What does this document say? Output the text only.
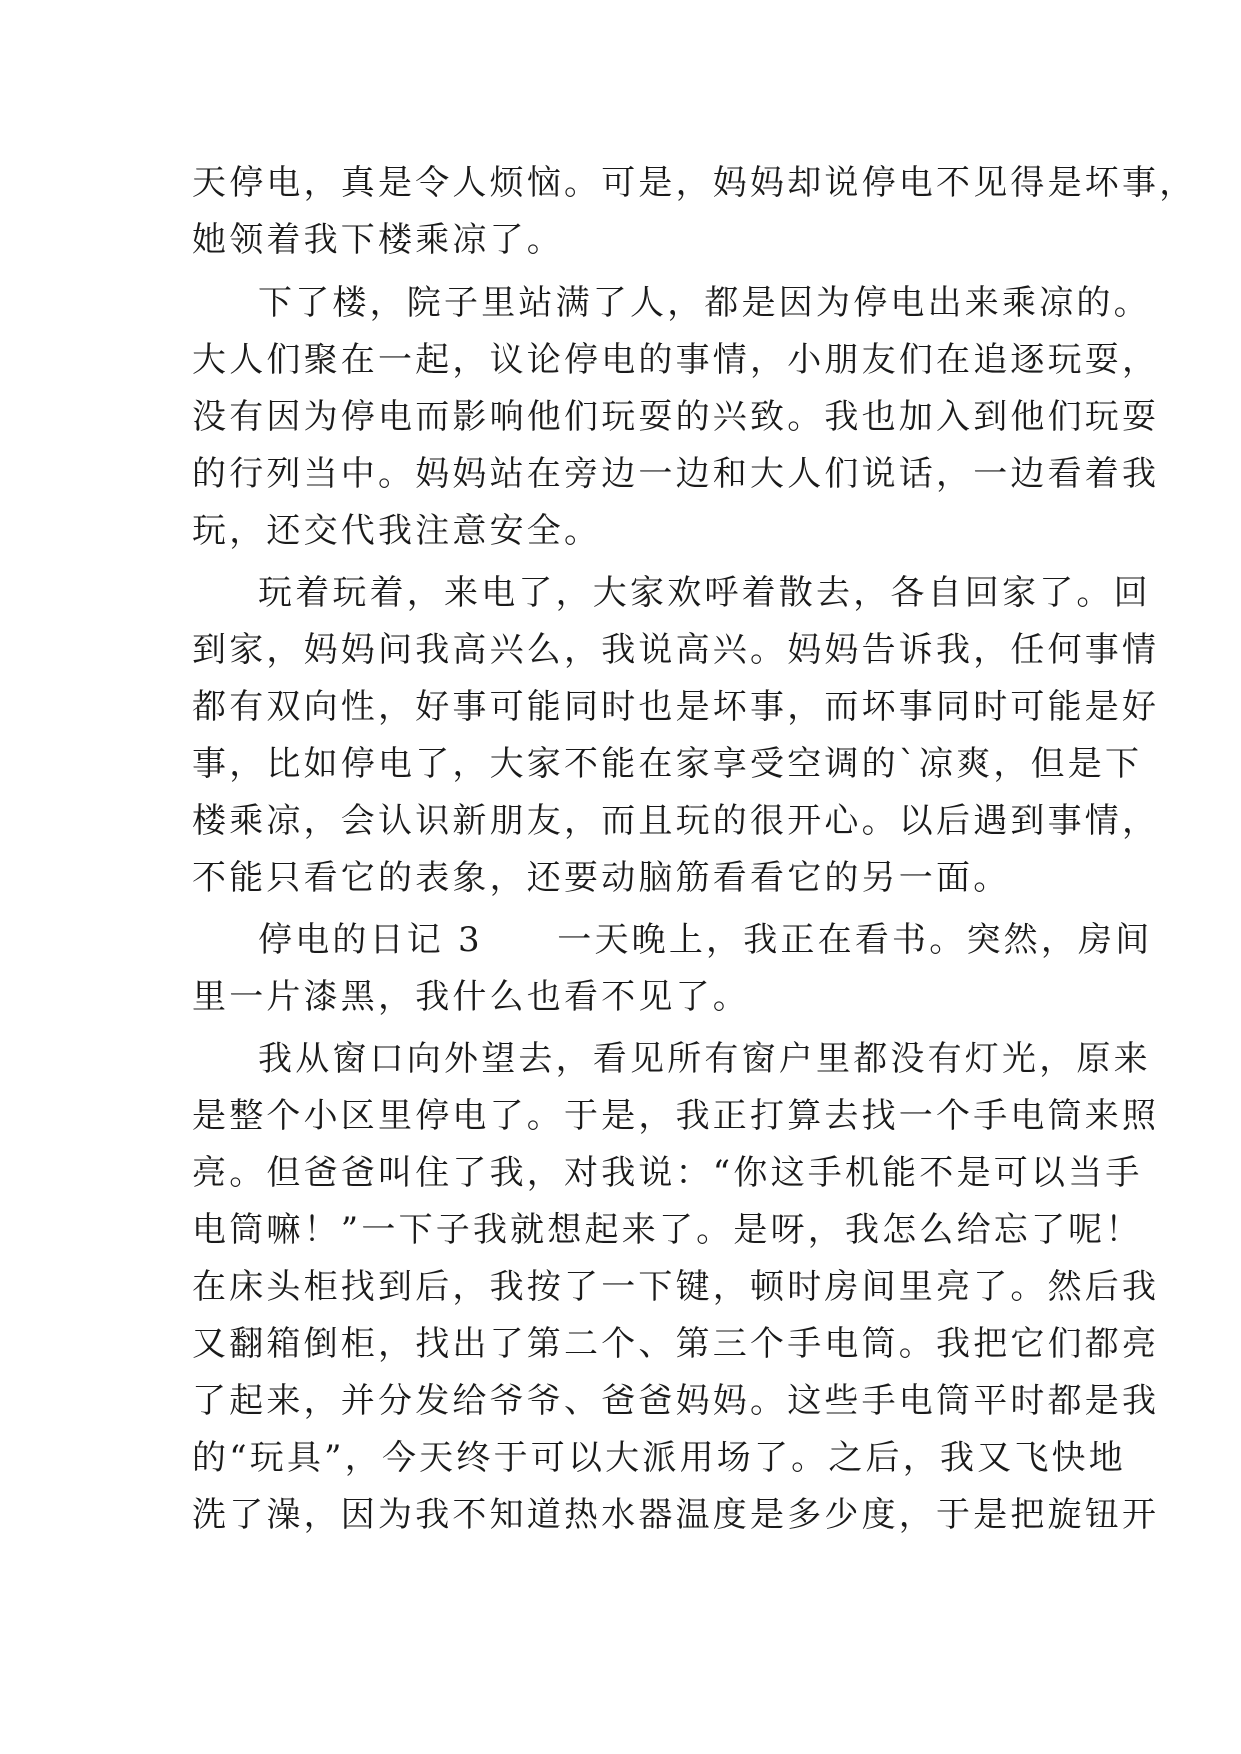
天停电，真是令人烦恼。可是，妈妈却说停电不见得是坏事，
她领着我下楼乘凉了。
下了楼，院子里站满了人，都是因为停电出来乘凉的。
大人们聚在一起，议论停电的事情，小朋友们在追逐玩耍，
没有因为停电而影响他们玩耍的兴致。我也加入到他们玩耍
的行列当中。妈妈站在旁边一边和大人们说话，一边看着我
玩，还交代我注意安全。
玩着玩着，来电了，大家欢呼着散去，各自回家了。回
到家，妈妈问我高兴么，我说高兴。妈妈告诉我，任何事情
都有双向性，好事可能同时也是坏事，而坏事同时可能是好
事，比如停电了，大家不能在家享受空调的`凉爽，但是下
楼乘凉，会认识新朋友，而且玩的很开心。以后遇到事情，
不能只看它的表象，还要动脑筋看看它的另一面。
停电的日记 3　　一天晚上，我正在看书。突然，房间
里一片漆黑，我什么也看不见了。
我从窗口向外望去，看见所有窗户里都没有灯光，原来
是整个小区里停电了。于是，我正打算去找一个手电筒来照
亮。但爸爸叫住了我，对我说：“你这手机能不是可以当手
电筒嘛！”一下子我就想起来了。是呀，我怎么给忘了呢！
在床头柜找到后，我按了一下键，顿时房间里亮了。然后我
又翻箱倒柜，找出了第二个、第三个手电筒。我把它们都亮
了起来，并分发给爷爷、爸爸妈妈。这些手电筒平时都是我
的“玩具”，今天终于可以大派用场了。之后，我又飞快地
洗了澡，因为我不知道热水器温度是多少度，于是把旋钮开
